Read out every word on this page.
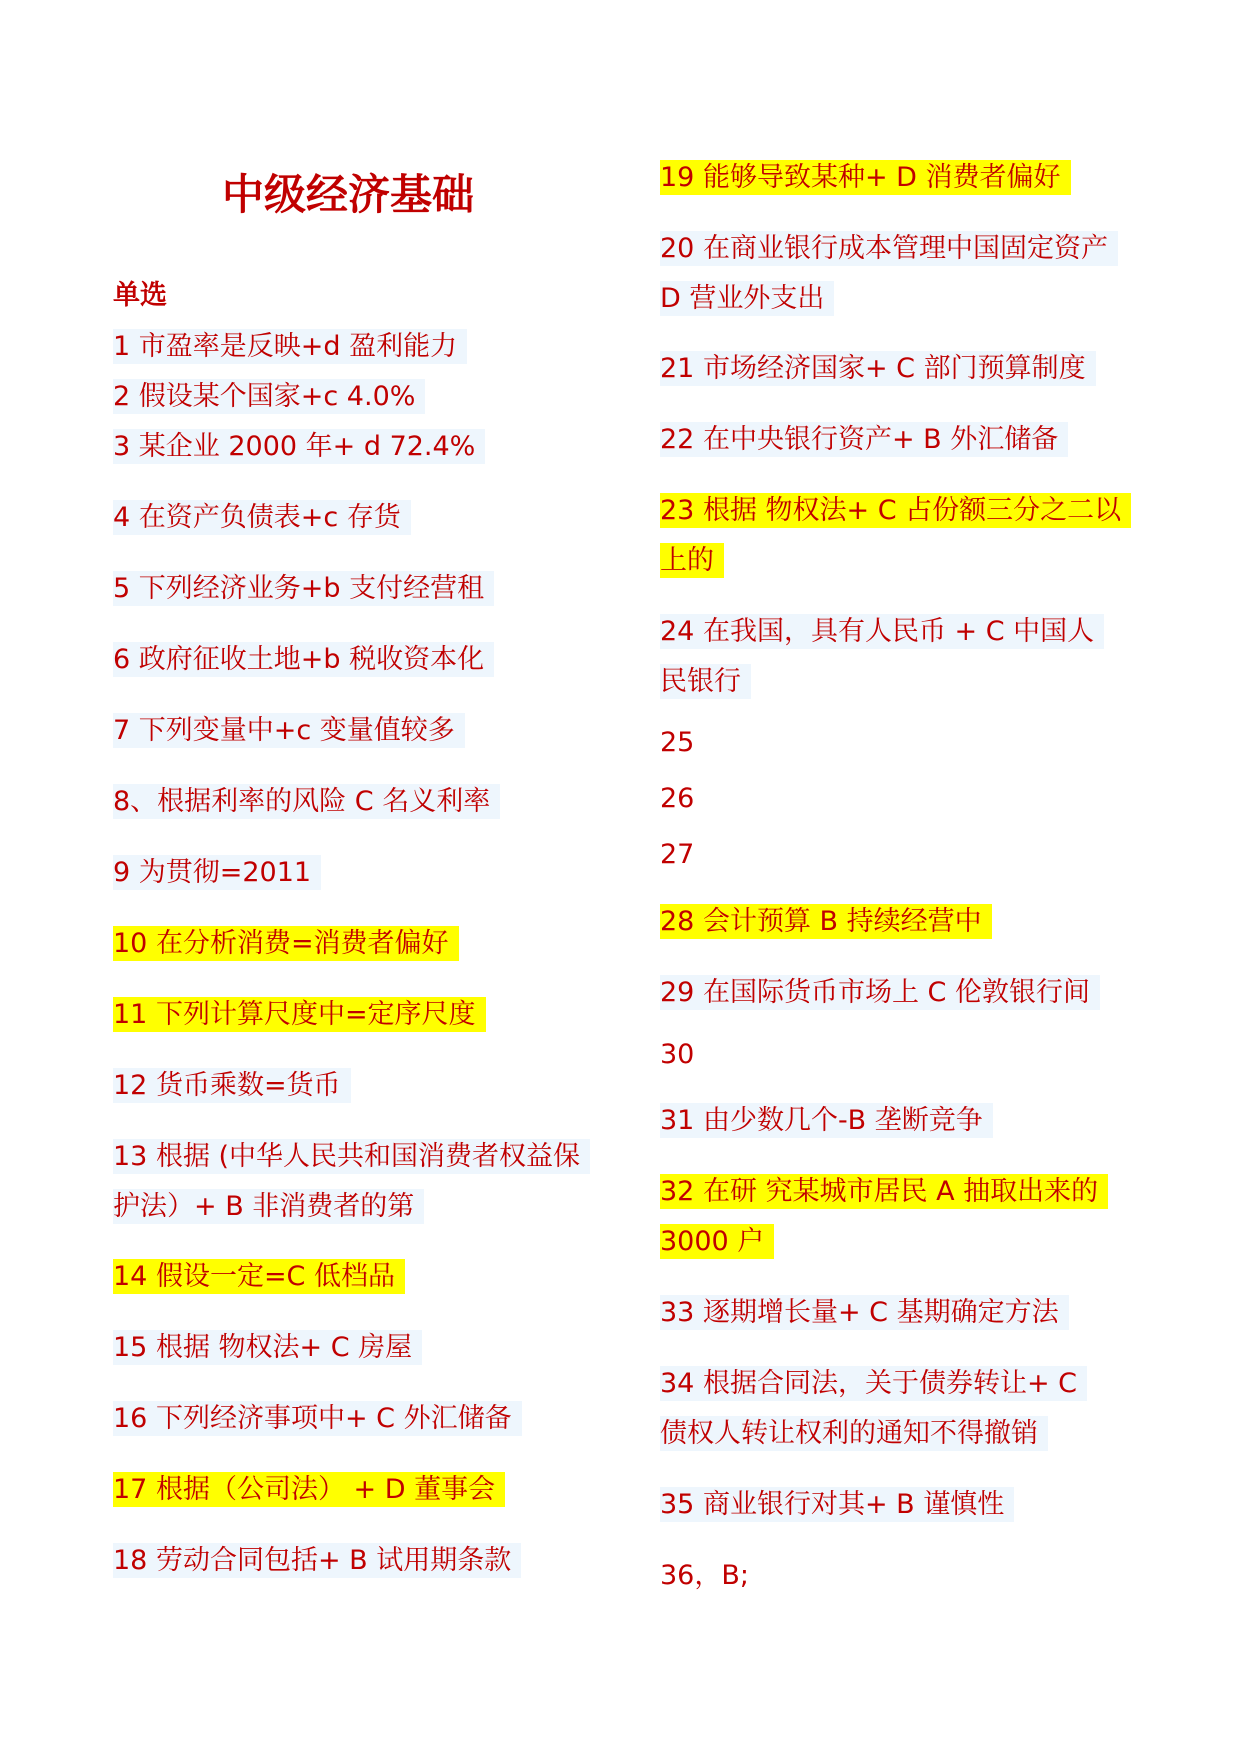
中级经济基础
单选
1 市盈率是反映+d 盈利能力
2 假设某个国家+c 4.0%
3 某企业 2000 年+ d 72.4%
4 在资产负债表+c 存货
5 下列经济业务+b 支付经营租
6 政府征收土地+b 税收资本化
7 下列变量中+c 变量值较多
8、根据利率的风险 C 名义利率
9 为贯彻=2011
10 在分析消费=消费者偏好
11 下列计算尺度中=定序尺度
12 货币乘数=货币
13 根据 (中华人民共和国消费者权益保护法）+ B 非消费者的第
14 假设一定=C 低档品
15 根据 物权法+ C 房屋
16 下列经济事项中+ C 外汇储备
17 根据（公司法） + D 董事会
18 劳动合同包括+ B 试用期条款
19 能够导致某种+ D 消费者偏好
20 在商业银行成本管理中国固定资产 D 营业外支出
21 市场经济国家+ C 部门预算制度
22 在中央银行资产+ B 外汇储备
23 根据 物权法+ C 占份额三分之二以上的
24 在我国，具有人民币 + C 中国人民银行
25
26
27
28 会计预算 B 持续经营中
29 在国际货币市场上 C 伦敦银行间
30
31 由少数几个-B 垄断竞争
32 在研 究某城市居民 A 抽取出来的 3000 户
33 逐期增长量+ C 基期确定方法
34 根据合同法，关于债券转让+ C 债权人转让权利的通知不得撤销
35 商业银行对其+ B 谨慎性
36，B;
